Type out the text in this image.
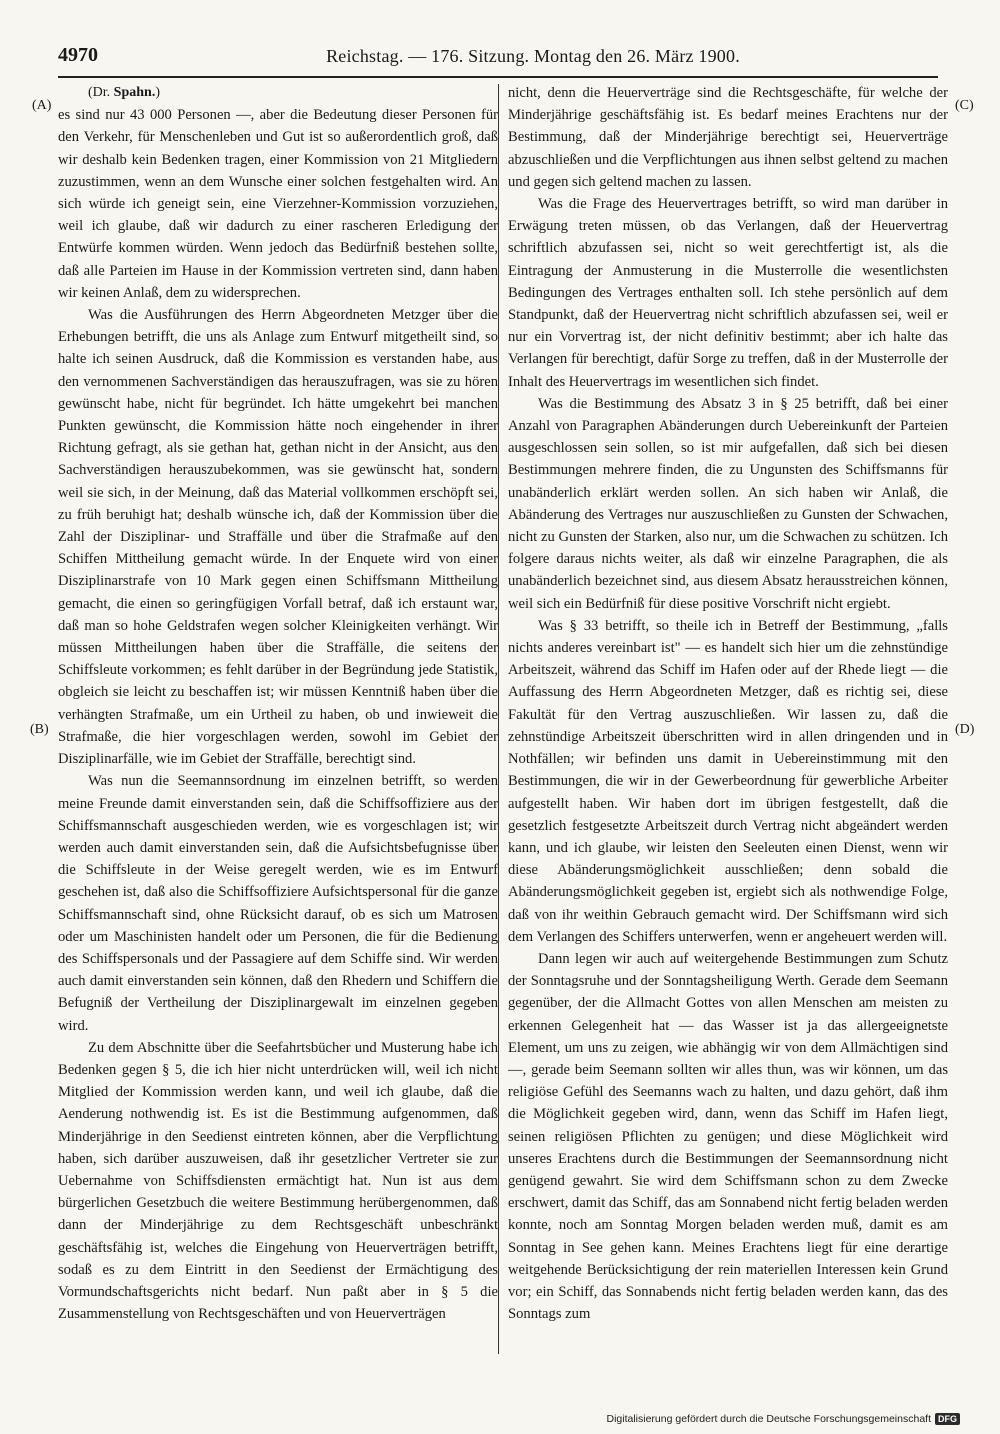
4970	Reichstag. — 176. Sitzung. Montag den 26. März 1900.
(A)
(B)
(C)
(D)

(Dr. Spahn.)

es sind nur 43 000 Personen —, aber die Bedeutung dieser Personen für den Verkehr, für Menschenleben und Gut ist so außerordentlich groß, daß wir deshalb kein Bedenken tragen, einer Kommission von 21 Mitgliedern zuzustimmen, wenn an dem Wunsche einer solchen festgehalten wird. An sich würde ich geneigt sein, eine Vierzehner-Kommission vorzuziehen, weil ich glaube, daß wir dadurch zu einer rascheren Erledigung der Entwürfe kommen würden. Wenn jedoch das Bedürfniß bestehen sollte, daß alle Parteien im Hause in der Kommission vertreten sind, dann haben wir keinen Anlaß, dem zu widersprechen.

Was die Ausführungen des Herrn Abgeordneten Metzger über die Erhebungen betrifft, die uns als Anlage zum Entwurf mitgetheilt sind, so halte ich seinen Ausdruck, daß die Kommission es verstanden habe, aus den vernommenen Sachverständigen das herauszufragen, was sie zu hören gewünscht habe, nicht für begründet. Ich hätte umgekehrt bei manchen Punkten gewünscht, die Kommission hätte noch eingehender in ihrer Richtung gefragt, als sie gethan hat, gethan nicht in der Ansicht, aus den Sachverständigen herauszubekommen, was sie gewünscht hat, sondern weil sie sich, in der Meinung, daß das Material vollkommen erschöpft sei, zu früh beruhigt hat; deshalb wünsche ich, daß der Kommission über die Zahl der Disziplinar- und Straffälle und über die Strafmaße auf den Schiffen Mittheilung gemacht würde. In der Enquete wird von einer Disziplinarstrafe von 10 Mark gegen einen Schiffsmann Mittheilung gemacht, die einen so geringfügigen Vorfall betraf, daß ich erstaunt war, daß man so hohe Geldstrafen wegen solcher Kleinigkeiten verhängt. Wir müssen Mittheilungen haben über die Straffälle, die seitens der Schiffsleute vorkommen; es fehlt darüber in der Begründung jede Statistik, obgleich sie leicht zu beschaffen ist; wir müssen Kenntniß haben über die verhängten Strafmaße, um ein Urtheil zu haben, ob und inwieweit die Strafmaße, die hier vorgeschlagen werden, sowohl im Gebiet der Disziplinarfälle, wie im Gebiet der Straffälle, berechtigt sind.

Was nun die Seemannsordnung im einzelnen betrifft, so werden meine Freunde damit einverstanden sein, daß die Schiffsoffiziere aus der Schiffsmannschaft ausgeschieden werden, wie es vorgeschlagen ist; wir werden auch damit einverstanden sein, daß die Aufsichtsbefugnisse über die Schiffsleute in der Weise geregelt werden, wie es im Entwurf geschehen ist, daß also die Schiffsoffiziere Aufsichtspersonal für die ganze Schiffsmannschaft sind, ohne Rücksicht darauf, ob es sich um Matrosen oder um Maschinisten handelt oder um Personen, die für die Bedienung des Schiffspersonals und der Passagiere auf dem Schiffe sind. Wir werden auch damit einverstanden sein können, daß den Rhedern und Schiffern die Befugniß der Vertheilung der Disziplinargewalt im einzelnen gegeben wird.

Zu dem Abschnitte über die Seefahrtsbücher und Musterung habe ich Bedenken gegen § 5, die ich hier nicht unterdrücken will, weil ich nicht Mitglied der Kommission werden kann, und weil ich glaube, daß die Aenderung nothwendig ist. Es ist die Bestimmung aufgenommen, daß Minderjährige in den Seedienst eintreten können, aber die Verpflichtung haben, sich darüber auszuweisen, daß ihr gesetzlicher Vertreter sie zur Uebernahme von Schiffsdiensten ermächtigt hat. Nun ist aus dem bürgerlichen Gesetzbuch die weitere Bestimmung herübergenommen, daß dann der Minderjährige zu dem Rechtsgeschäft unbeschränkt geschäftsfähig ist, welches die Eingehung von Heuerverträgen betrifft, sodaß es zu dem Eintritt in den Seedienst der Ermächtigung des Vormundschaftsgerichts nicht bedarf. Nun paßt aber in § 5 die Zusammenstellung von Rechtsgeschäften und von Heuerverträgen

nicht, denn die Heuerverträge sind die Rechtsgeschäfte, für welche der Minderjährige geschäftsfähig ist. Es bedarf meines Erachtens nur der Bestimmung, daß der Minderjährige berechtigt sei, Heuerverträge abzuschließen und die Verpflichtungen aus ihnen selbst geltend zu machen und gegen sich geltend machen zu lassen.

Was die Frage des Heuervertrages betrifft, so wird man darüber in Erwägung treten müssen, ob das Verlangen, daß der Heuervertrag schriftlich abzufassen sei, nicht so weit gerechtfertigt ist, als die Eintragung der Anmusterung in die Musterrolle die wesentlichsten Bedingungen des Vertrages enthalten soll. Ich stehe persönlich auf dem Standpunkt, daß der Heuervertrag nicht schriftlich abzufassen sei, weil er nur ein Vorvertrag ist, der nicht definitiv bestimmt; aber ich halte das Verlangen für berechtigt, dafür Sorge zu treffen, daß in der Musterrolle der Inhalt des Heuervertrags im wesentlichen sich findet.

Was die Bestimmung des Absatz 3 in § 25 betrifft, daß bei einer Anzahl von Paragraphen Abänderungen durch Uebereinkunft der Parteien ausgeschlossen sein sollen, so ist mir aufgefallen, daß sich bei diesen Bestimmungen mehrere finden, die zu Ungunsten des Schiffsmanns für unabänderlich erklärt werden sollen. An sich haben wir Anlaß, die Abänderung des Vertrages nur auszuschließen zu Gunsten der Schwachen, nicht zu Gunsten der Starken, also nur, um die Schwachen zu schützen. Ich folgere daraus nichts weiter, als daß wir einzelne Paragraphen, die als unabänderlich bezeichnet sind, aus diesem Absatz herausstreichen können, weil sich ein Bedürfniß für diese positive Vorschrift nicht ergiebt.

Was § 33 betrifft, so theile ich in Betreff der Bestimmung, „falls nichts anderes vereinbart ist" — es handelt sich hier um die zehnstündige Arbeitszeit, während das Schiff im Hafen oder auf der Rhede liegt — die Auffassung des Herrn Abgeordneten Metzger, daß es richtig sei, diese Fakultät für den Vertrag auszuschließen. Wir lassen zu, daß die zehnstündige Arbeitszeit überschritten wird in allen dringenden und in Nothfällen; wir befinden uns damit in Uebereinstimmung mit den Bestimmungen, die wir in der Gewerbeordnung für gewerbliche Arbeiter aufgestellt haben. Wir haben dort im übrigen festgestellt, daß die gesetzlich festgesetzte Arbeitszeit durch Vertrag nicht abgeändert werden kann, und ich glaube, wir leisten den Seeleuten einen Dienst, wenn wir diese Abänderungsmöglichkeit ausschließen; denn sobald die Abänderungsmöglichkeit gegeben ist, ergiebt sich als nothwendige Folge, daß von ihr weithin Gebrauch gemacht wird. Der Schiffsmann wird sich dem Verlangen des Schiffers unterwerfen, wenn er angeheuert werden will.

Dann legen wir auch auf weitergehende Bestimmungen zum Schutz der Sonntagsruhe und der Sonntagsheiligung Werth. Gerade dem Seemann gegenüber, der die Allmacht Gottes von allen Menschen am meisten zu erkennen Gelegenheit hat — das Wasser ist ja das allergeeignetste Element, um uns zu zeigen, wie abhängig wir von dem Allmächtigen sind —, gerade beim Seemann sollten wir alles thun, was wir können, um das religiöse Gefühl des Seemanns wach zu halten, und dazu gehört, daß ihm die Möglichkeit gegeben wird, dann, wenn das Schiff im Hafen liegt, seinen religiösen Pflichten zu genügen; und diese Möglichkeit wird unseres Erachtens durch die Bestimmungen der Seemannsordnung nicht genügend gewahrt. Sie wird dem Schiffsmann schon zu dem Zwecke erschwert, damit das Schiff, das am Sonnabend nicht fertig beladen werden konnte, noch am Sonntag Morgen beladen werden muß, damit es am Sonntag in See gehen kann. Meines Erachtens liegt für eine derartige weitgehende Berücksichtigung der rein materiellen Interessen kein Grund vor; ein Schiff, das Sonnabends nicht fertig beladen werden kann, das des Sonntags zum

Digitalisierung gefördert durch die Deutsche Forschungsgemeinschaft DFG
